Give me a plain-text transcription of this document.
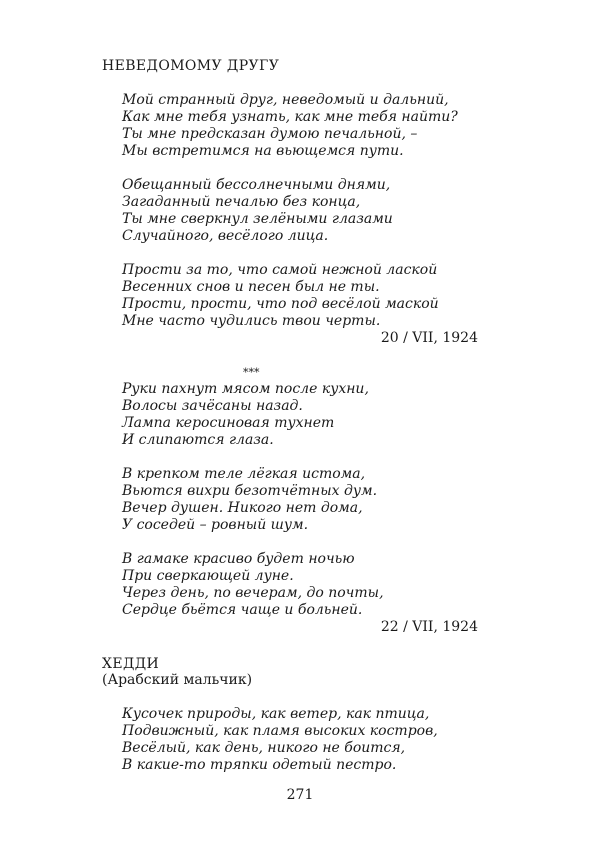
НЕВЕДОМОМУ ДРУГУ
Мой странный друг, неведомый и дальний,
Как мне тебя узнать, как мне тебя найти?
Ты мне предсказан думою печальной, –
Мы встретимся на вьющемся пути.
Обещанный бессолнечными днями,
Загаданный печалью без конца,
Ты мне сверкнул зелёными глазами
Случайного, весёлого лица.
Прости за то, что самой нежной лаской
Весенних снов и песен был не ты.
Прости, прости, что под весёлой маской
Мне часто чудились твои черты.
20 / VII, 1924
***
Руки пахнут мясом после кухни,
Волосы зачёсаны назад.
Лампа керосиновая тухнет
И слипаются глаза.
В крепком теле лёгкая истома,
Вьются вихри безотчётных дум.
Вечер душен. Никого нет дома,
У соседей – ровный шум.
В гамаке красиво будет ночью
При сверкающей луне.
Через день, по вечерам, до почты,
Сердце бьётся чаще и больней.
22 / VII, 1924
ХЕДДИ
(Арабский мальчик)
Кусочек природы, как ветер, как птица,
Подвижный, как пламя высоких костров,
Весёлый, как день, никого не боится,
В какие-то тряпки одетый пестро.
271
